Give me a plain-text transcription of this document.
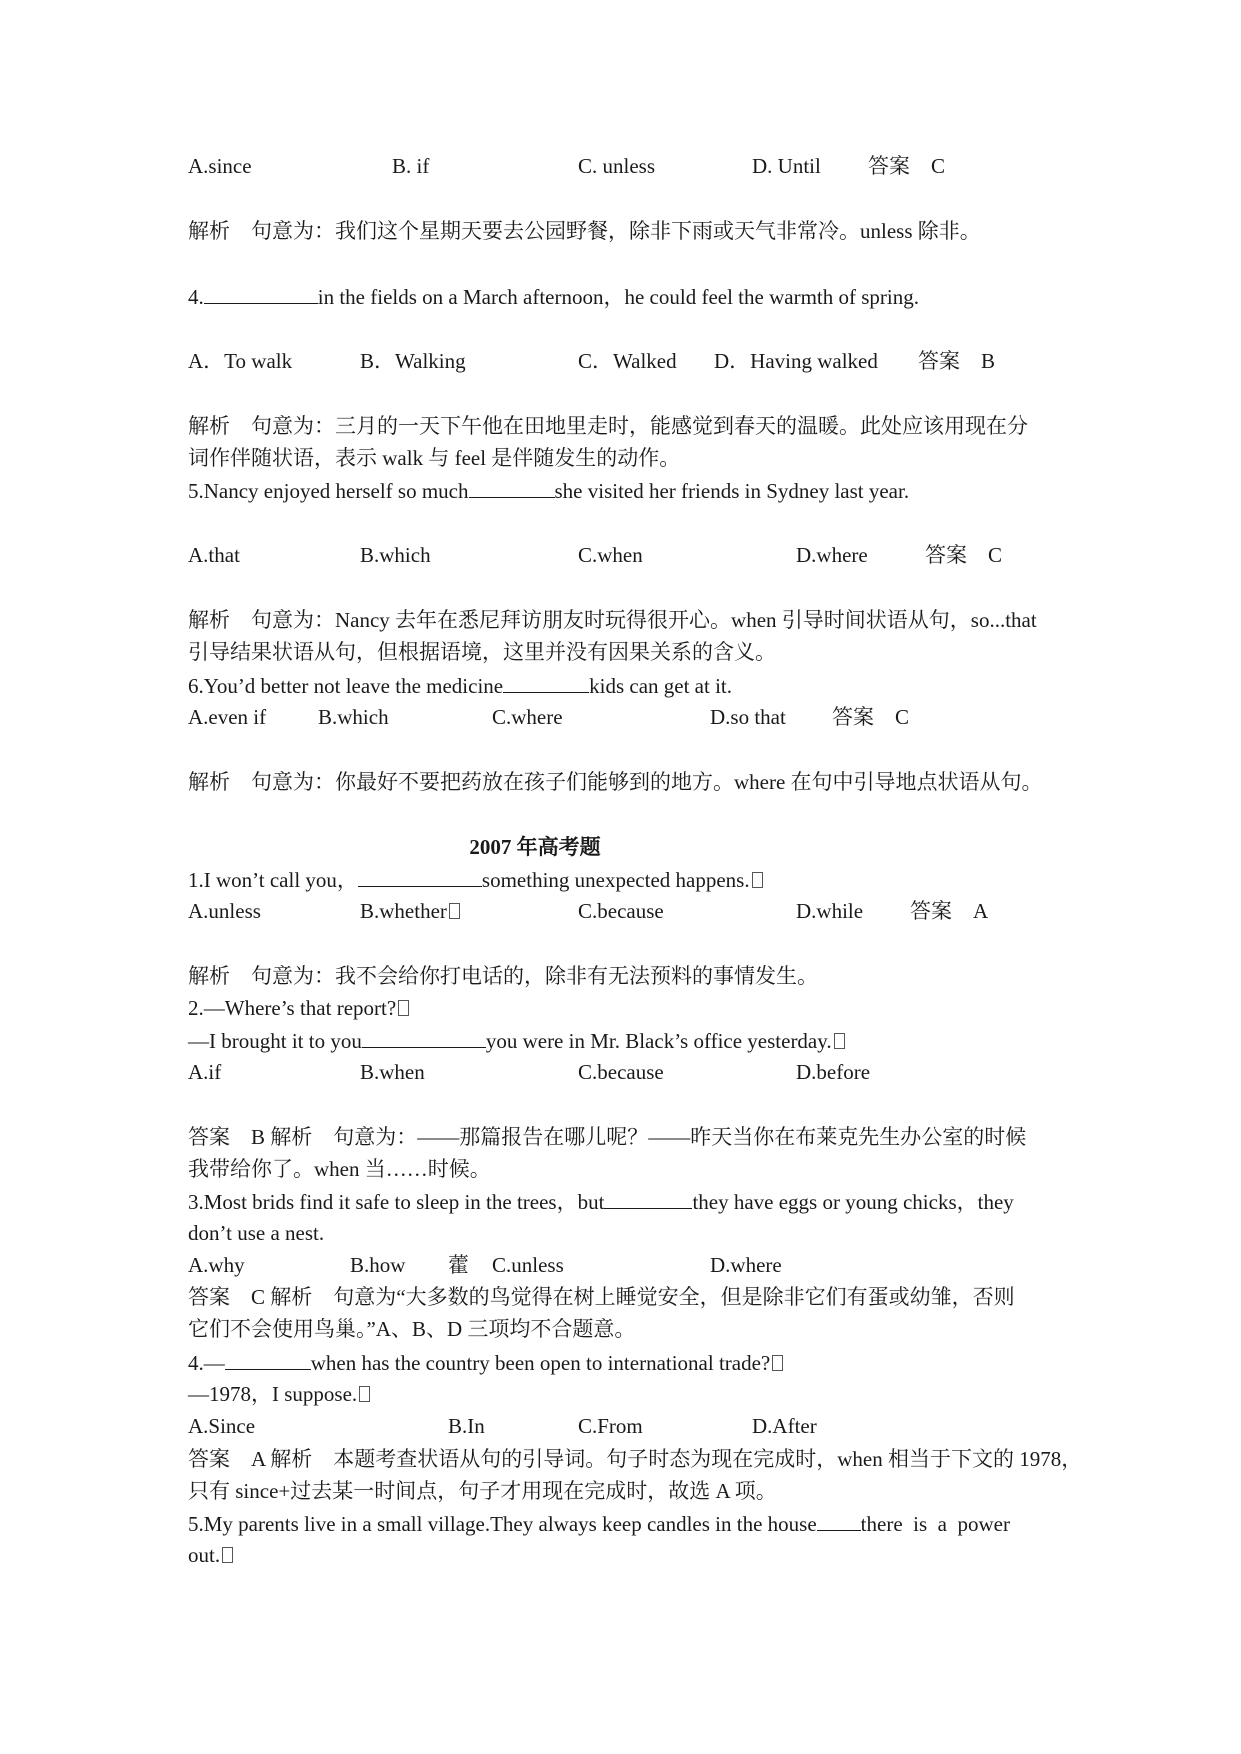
A.since	B. if	C. unless	D. Until 答案　C
解析　句意为：我们这个星期天要去公园野餐，除非下雨或天气非常冷。unless 除非。
4.	in the fields on a March afternoon，he could feel the warmth of spring.
A．To walk	B．Walking	C．Walked D．Having walked 答案　B
解析　句意为：三月的一天下午他在田地里走时，能感觉到春天的温暖。此处应该用现在分
词作伴随状语，表示 walk 与 feel 是伴随发生的动作。
5.Nancy enjoyed herself so much	she visited her friends in Sydney last year.
A.that	B.which	C.when	D.where	答案　C
解析　句意为：Nancy 去年在悉尼拜访朋友时玩得很开心。when 引导时间状语从句，so...that
引导结果状语从句，但根据语境，这里并没有因果关系的含义。
6.You’d better not leave the medicine	kids can get at it.
A.even if B.which	C.where	D.so that 答案　C
解析　句意为：你最好不要把药放在孩子们能够到的地方。where 在句中引导地点状语从句。
2007 年高考题
1.I won’t call you，	something unexpected happens.
A.unless	B.whether	C.because	D.while 答案　A
解析　句意为：我不会给你打电话的，除非有无法预料的事情发生。
2.—Where’s that report?
—I brought it to you	you were in Mr. Black’s office yesterday.
A.if	B.when	C.because	D.before
答案　B 解析　句意为：——那篇报告在哪儿呢？——昨天当你在布莱克先生办公室的时候
我带给你了。when 当……时候。
3.Most brids find it safe to sleep in the trees，but	they have eggs or young chicks，they
don’t use a nest.
A.why	B.how 藿 C.unless	D.where
答案　C 解析　句意为“大多数的鸟觉得在树上睡觉安全，但是除非它们有蛋或幼雏，否则
它们不会使用鸟巢。”A、B、D 三项均不合题意。
4.—	when has the country been open to international trade?
—1978，I suppose.
A.Since	B.In	C.From	D.After
答案　A 解析　本题考查状语从句的引导词。句子时态为现在完成时，when 相当于下文的 1978，
只有 since+过去某一时间点，句子才用现在完成时，故选 A 项。
5.My parents live in a small village.They always keep candles in the house there  is  a  power
out.
